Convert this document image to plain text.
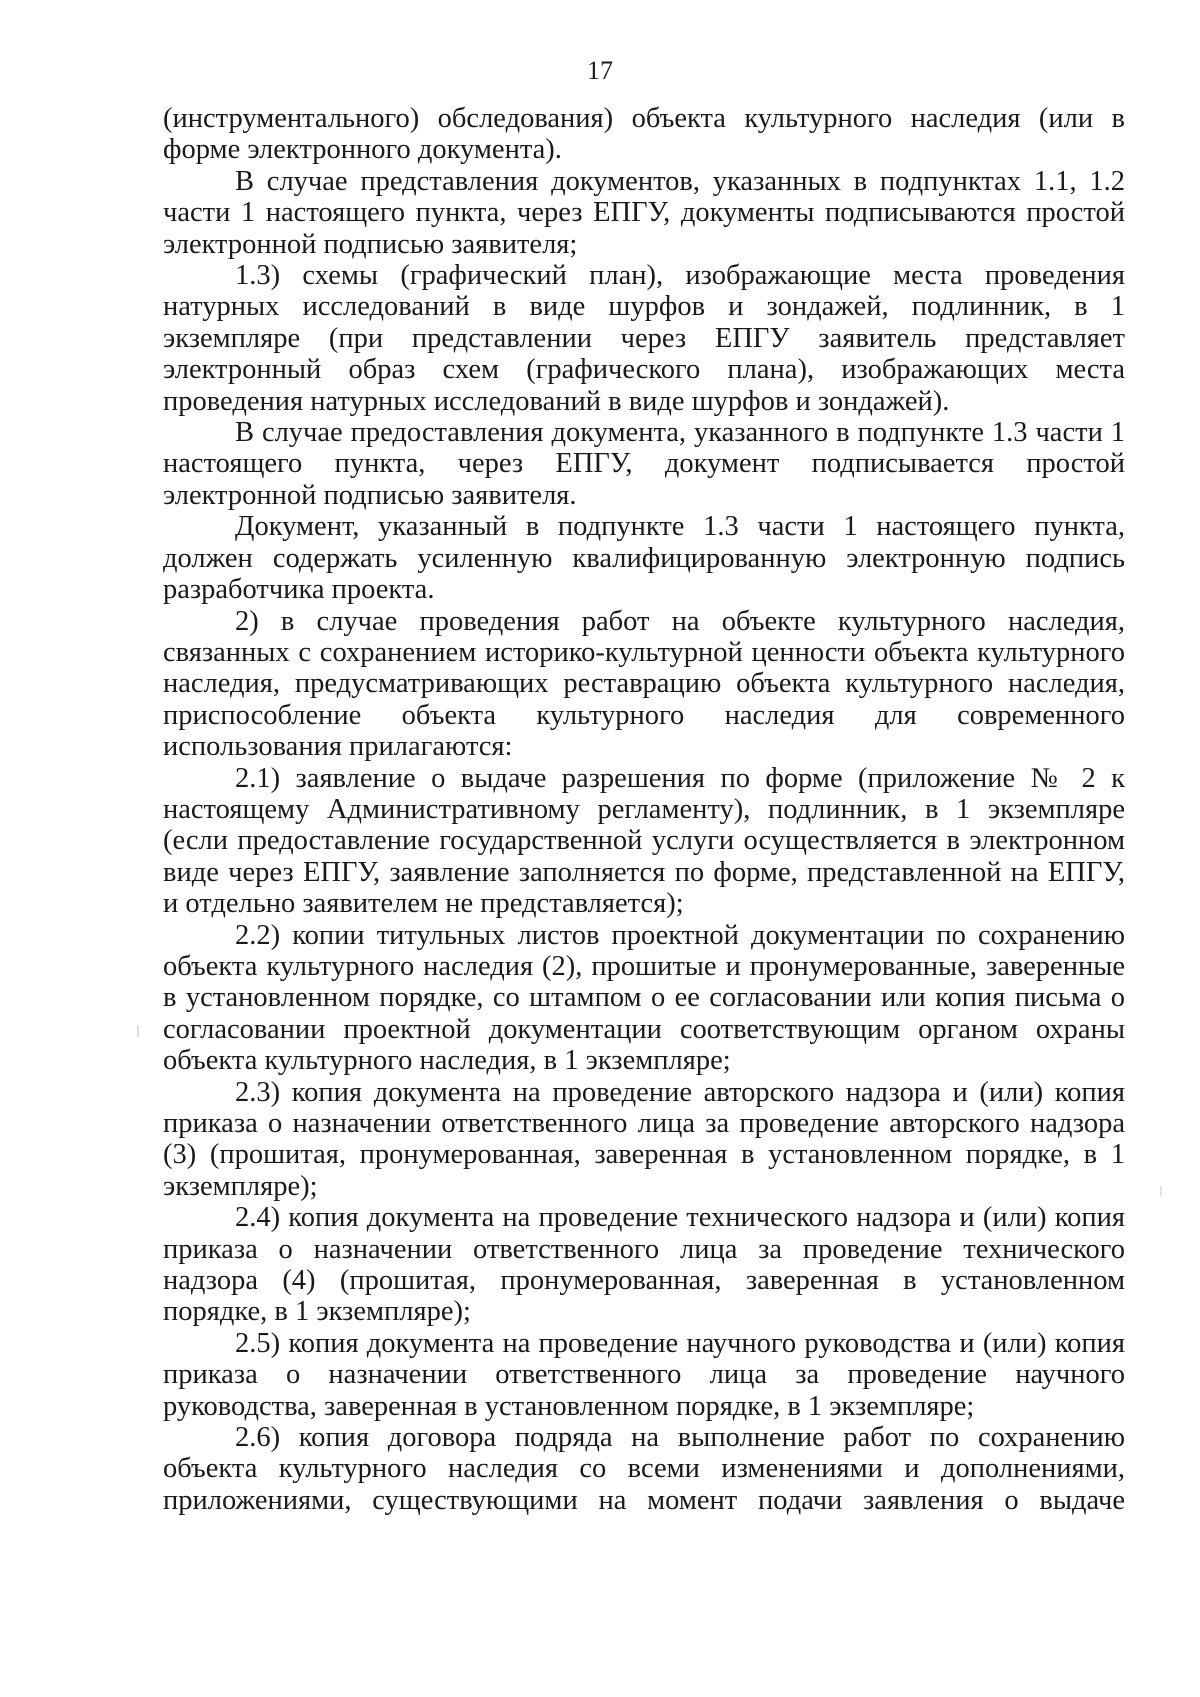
17

(инструментального) обследования) объекта культурного наследия (или в форме электронного документа).

В случае представления документов, указанных в подпунктах 1.1, 1.2 части 1 настоящего пункта, через ЕПГУ, документы подписываются простой электронной подписью заявителя;

1.3) схемы (графический план), изображающие места проведения натурных исследований в виде шурфов и зондажей, подлинник, в 1 экземпляре (при представлении через ЕПГУ заявитель представляет электронный образ схем (графического плана), изображающих места проведения натурных исследований в виде шурфов и зондажей).

В случае предоставления документа, указанного в подпункте 1.3 части 1 настоящего пункта, через ЕПГУ, документ подписывается простой электронной подписью заявителя.

Документ, указанный в подпункте 1.3 части 1 настоящего пункта, должен содержать усиленную квалифицированную электронную подпись разработчика проекта.

2) в случае проведения работ на объекте культурного наследия, связанных с сохранением историко-культурной ценности объекта культурного наследия, предусматривающих реставрацию объекта культурного наследия, приспособление объекта культурного наследия для современного использования прилагаются:

2.1) заявление о выдаче разрешения по форме (приложение № 2 к настоящему Административному регламенту), подлинник, в 1 экземпляре (если предоставление государственной услуги осуществляется в электронном виде через ЕПГУ, заявление заполняется по форме, представленной на ЕПГУ, и отдельно заявителем не представляется);

2.2) копии титульных листов проектной документации по сохранению объекта культурного наследия (2), прошитые и пронумерованные, заверенные в установленном порядке, со штампом о ее согласовании или копия письма о согласовании проектной документации соответствующим органом охраны объекта культурного наследия, в 1 экземпляре;

2.3) копия документа на проведение авторского надзора и (или) копия приказа о назначении ответственного лица за проведение авторского надзора (3) (прошитая, пронумерованная, заверенная в установленном порядке, в 1 экземпляре);

2.4) копия документа на проведение технического надзора и (или) копия приказа о назначении ответственного лица за проведение технического надзора (4) (прошитая, пронумерованная, заверенная в установленном порядке, в 1 экземпляре);

2.5) копия документа на проведение научного руководства и (или) копия приказа о назначении ответственного лица за проведение научного руководства, заверенная в установленном порядке, в 1 экземпляре;

2.6) копия договора подряда на выполнение работ по сохранению объекта культурного наследия со всеми изменениями и дополнениями, приложениями, существующими на момент подачи заявления о выдаче
